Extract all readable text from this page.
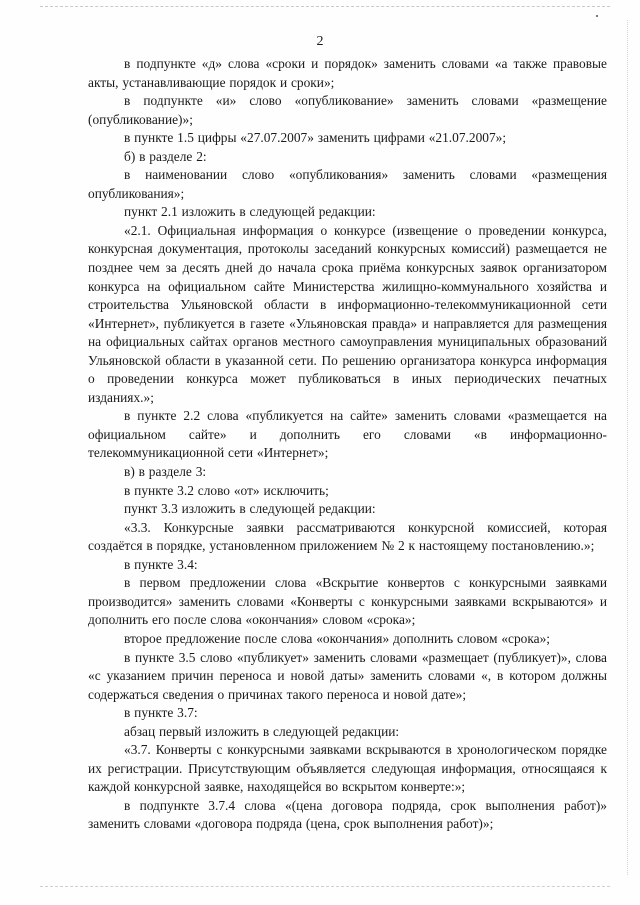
2

в подпункте «д» слова «сроки и порядок» заменить словами «а также правовые акты, устанавливающие порядок и сроки»;

в подпункте «и» слово «опубликование» заменить словами «размещение (опубликование)»;

в пункте 1.5 цифры «27.07.2007» заменить цифрами «21.07.2007»;

б) в разделе 2:

в наименовании слово «опубликования» заменить словами «размещения опубликования»;

пункт 2.1 изложить в следующей редакции:

«2.1. Официальная информация о конкурсе (извещение о проведении конкурса, конкурсная документация, протоколы заседаний конкурсных комиссий) размещается не позднее чем за десять дней до начала срока приёма конкурсных заявок организатором конкурса на официальном сайте Министерства жилищно-коммунального хозяйства и строительства Ульяновской области в информационно-телекоммуникационной сети «Интернет», публикуется в газете «Ульяновская правда» и направляется для размещения на официальных сайтах органов местного самоуправления муниципальных образований Ульяновской области в указанной сети. По решению организатора конкурса информация о проведении конкурса может публиковаться в иных периодических печатных изданиях.»;

в пункте 2.2 слова «публикуется на сайте» заменить словами «размещается на официальном сайте» и дополнить его словами «в информационно-телекоммуникационной сети «Интернет»;

в) в разделе 3:

в пункте 3.2 слово «от» исключить;

пункт 3.3 изложить в следующей редакции:

«3.3. Конкурсные заявки рассматриваются конкурсной комиссией, которая создаётся в порядке, установленном приложением № 2 к настоящему постановлению.»;

в пункте 3.4:

в первом предложении слова «Вскрытие конвертов с конкурсными заявками производится» заменить словами «Конверты с конкурсными заявками вскрываются» и дополнить его после слова «окончания» словом «срока»;

второе предложение после слова «окончания» дополнить словом «срока»;

в пункте 3.5 слово «публикует» заменить словами «размещает (публикует)», слова «с указанием причин переноса и новой даты» заменить словами «, в котором должны содержаться сведения о причинах такого переноса и новой дате»;

в пункте 3.7:

абзац первый изложить в следующей редакции:

«3.7. Конверты с конкурсными заявками вскрываются в хронологическом порядке их регистрации. Присутствующим объявляется следующая информация, относящаяся к каждой конкурсной заявке, находящейся во вскрытом конверте:»;

в подпункте 3.7.4 слова «(цена договора подряда, срок выполнения работ)» заменить словами «договора подряда (цена, срок выполнения работ)»;
